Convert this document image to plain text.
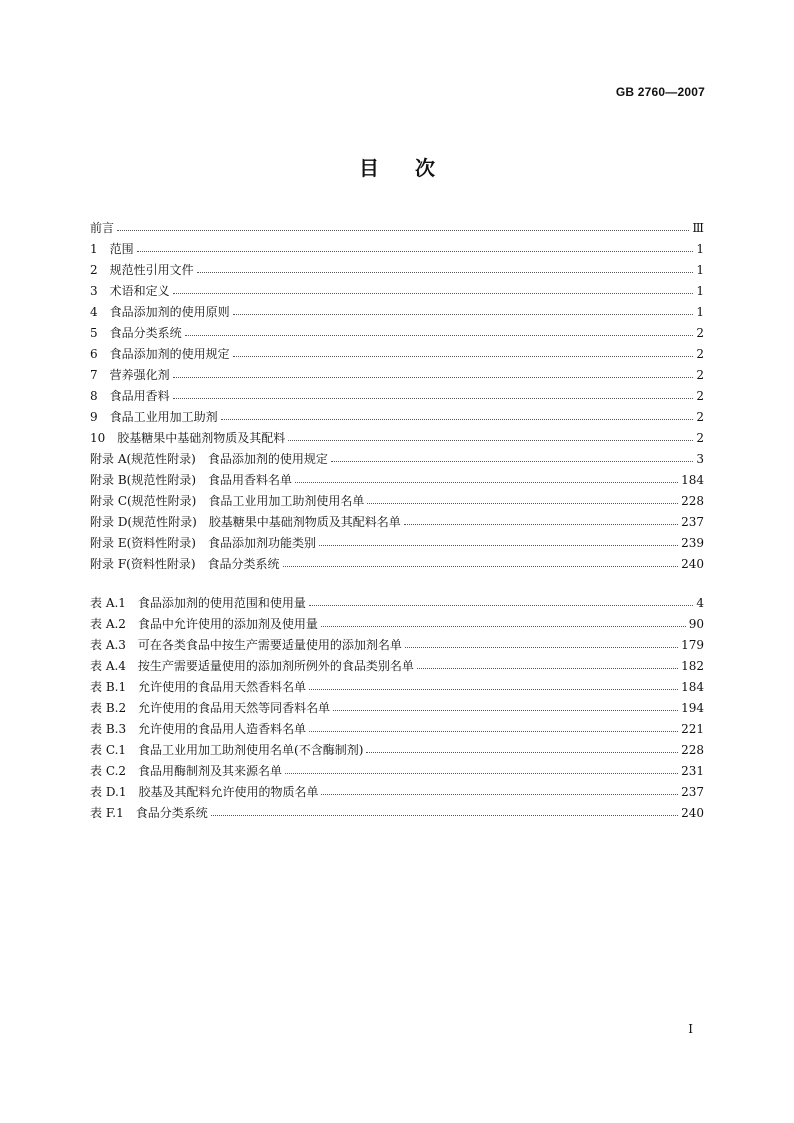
GB 2760—2007
目次
前言	Ⅲ
1　范围	1
2　规范性引用文件	1
3　术语和定义	1
4　食品添加剂的使用原则	1
5　食品分类系统	2
6　食品添加剂的使用规定	2
7　营养强化剂	2
8　食品用香料	2
9　食品工业用加工助剂	2
10　胶基糖果中基础剂物质及其配料	2
附录 A(规范性附录)　食品添加剂的使用规定	3
附录 B(规范性附录)　食品用香料名单	184
附录 C(规范性附录)　食品工业用加工助剂使用名单	228
附录 D(规范性附录)　胶基糖果中基础剂物质及其配料名单	237
附录 E(资料性附录)　食品添加剂功能类别	239
附录 F(资料性附录)　食品分类系统	240
表 A.1　食品添加剂的使用范围和使用量	4
表 A.2　食品中允许使用的添加剂及使用量	90
表 A.3　可在各类食品中按生产需要适量使用的添加剂名单	179
表 A.4　按生产需要适量使用的添加剂所例外的食品类别名单	182
表 B.1　允许使用的食品用天然香料名单	184
表 B.2　允许使用的食品用天然等同香料名单	194
表 B.3　允许使用的食品用人造香料名单	221
表 C.1　食品工业用加工助剂使用名单(不含酶制剂)	228
表 C.2　食品用酶制剂及其来源名单	231
表 D.1　胶基及其配料允许使用的物质名单	237
表 F.1　食品分类系统	240
I
